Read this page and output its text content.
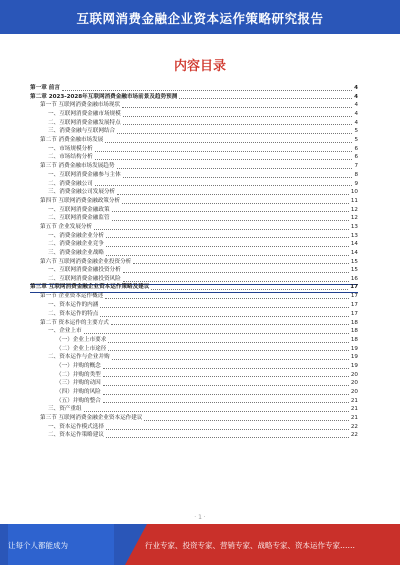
互联网消费金融企业资本运作策略研究报告
内容目录
第一章 前言	4
第二章 2023-2028年互联网消费金融市场前景及趋势预测	4
第一节 互联网消费金融市场现状	4
一、互联网消费金融市场规模	4
二、互联网消费金融发展特点	4
三、消费金融与互联网结合	5
第二节 消费金融市场发展	5
一、市场规模分析	6
二、市场结构分析	6
第三节 消费金融市场发展趋势	7
一、互联网消费金融参与主体	8
二、消费金融公司	9
三、消费金融公司发展分析	10
第四节 互联网消费金融政策分析	11
一、互联网消费金融政策	12
二、互联网消费金融监管	12
第五节 企业发展分析	13
一、消费金融企业分析	13
二、消费金融企业竞争	14
三、消费金融企业战略	14
第六节 互联网消费金融企业投资分析	15
一、互联网消费金融投资分析	15
二、互联网消费金融投资风险	16
第三章 互联网消费金融企业资本运作策略及建议	17
第一节 企业资本运作概述	17
一、资本运作的内涵	17
二、资本运作的特点	17
第二节 资本运作的主要方式	18
一、企业上市	18
（一）企业上市要求	18
（二）企业上市途径	19
二、资本运作与企业并购	19
（一）并购的概念	19
（二）并购的类型	20
（三）并购的动因	20
（四）并购的风险	20
（五）并购的整合	21
三、资产重组	21
第三节 互联网消费金融企业资本运作建议	21
一、资本运作模式选择	22
二、资本运作策略建议	22
· 1 ·
让每个人都能成为	行业专家、投资专家、营销专家、战略专家、资本运作专家……
